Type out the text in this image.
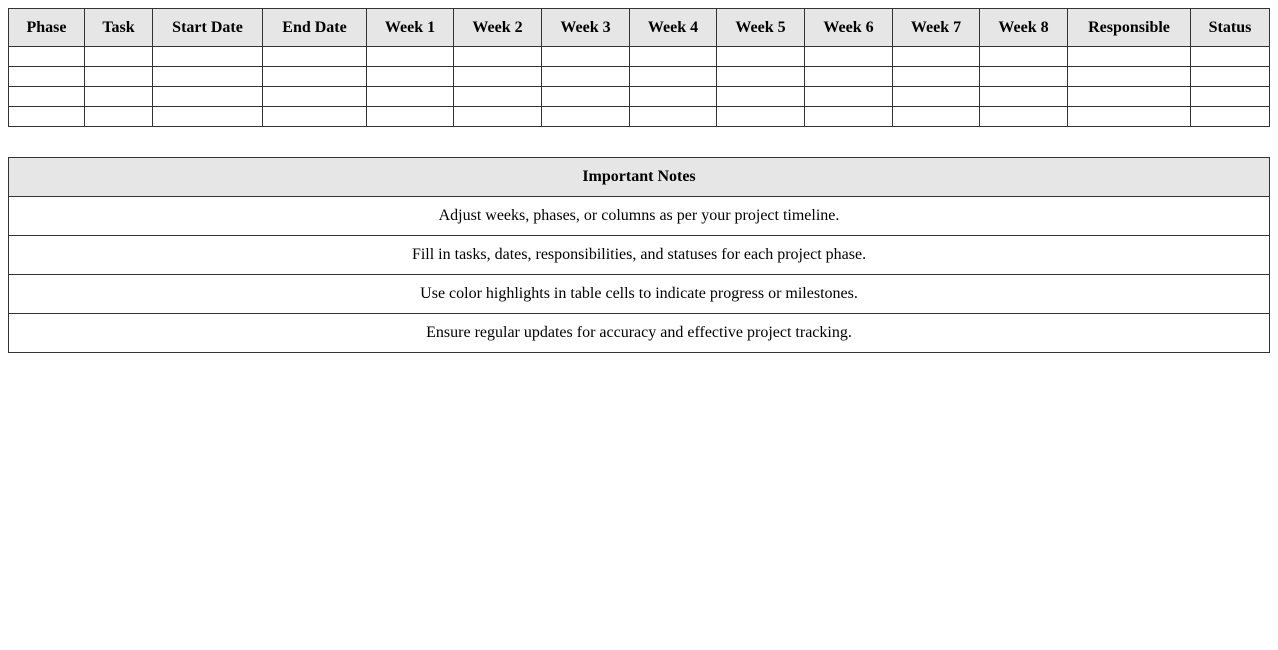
Phase	Task	Start Date	End Date	Week 1	Week 2	Week 3	Week 4	Week 5	Week 6	Week 7	Week 8	Responsible	Status

Important Notes
Adjust weeks, phases, or columns as per your project timeline.
Fill in tasks, dates, responsibilities, and statuses for each project phase.
Use color highlights in table cells to indicate progress or milestones.
Ensure regular updates for accuracy and effective project tracking.
